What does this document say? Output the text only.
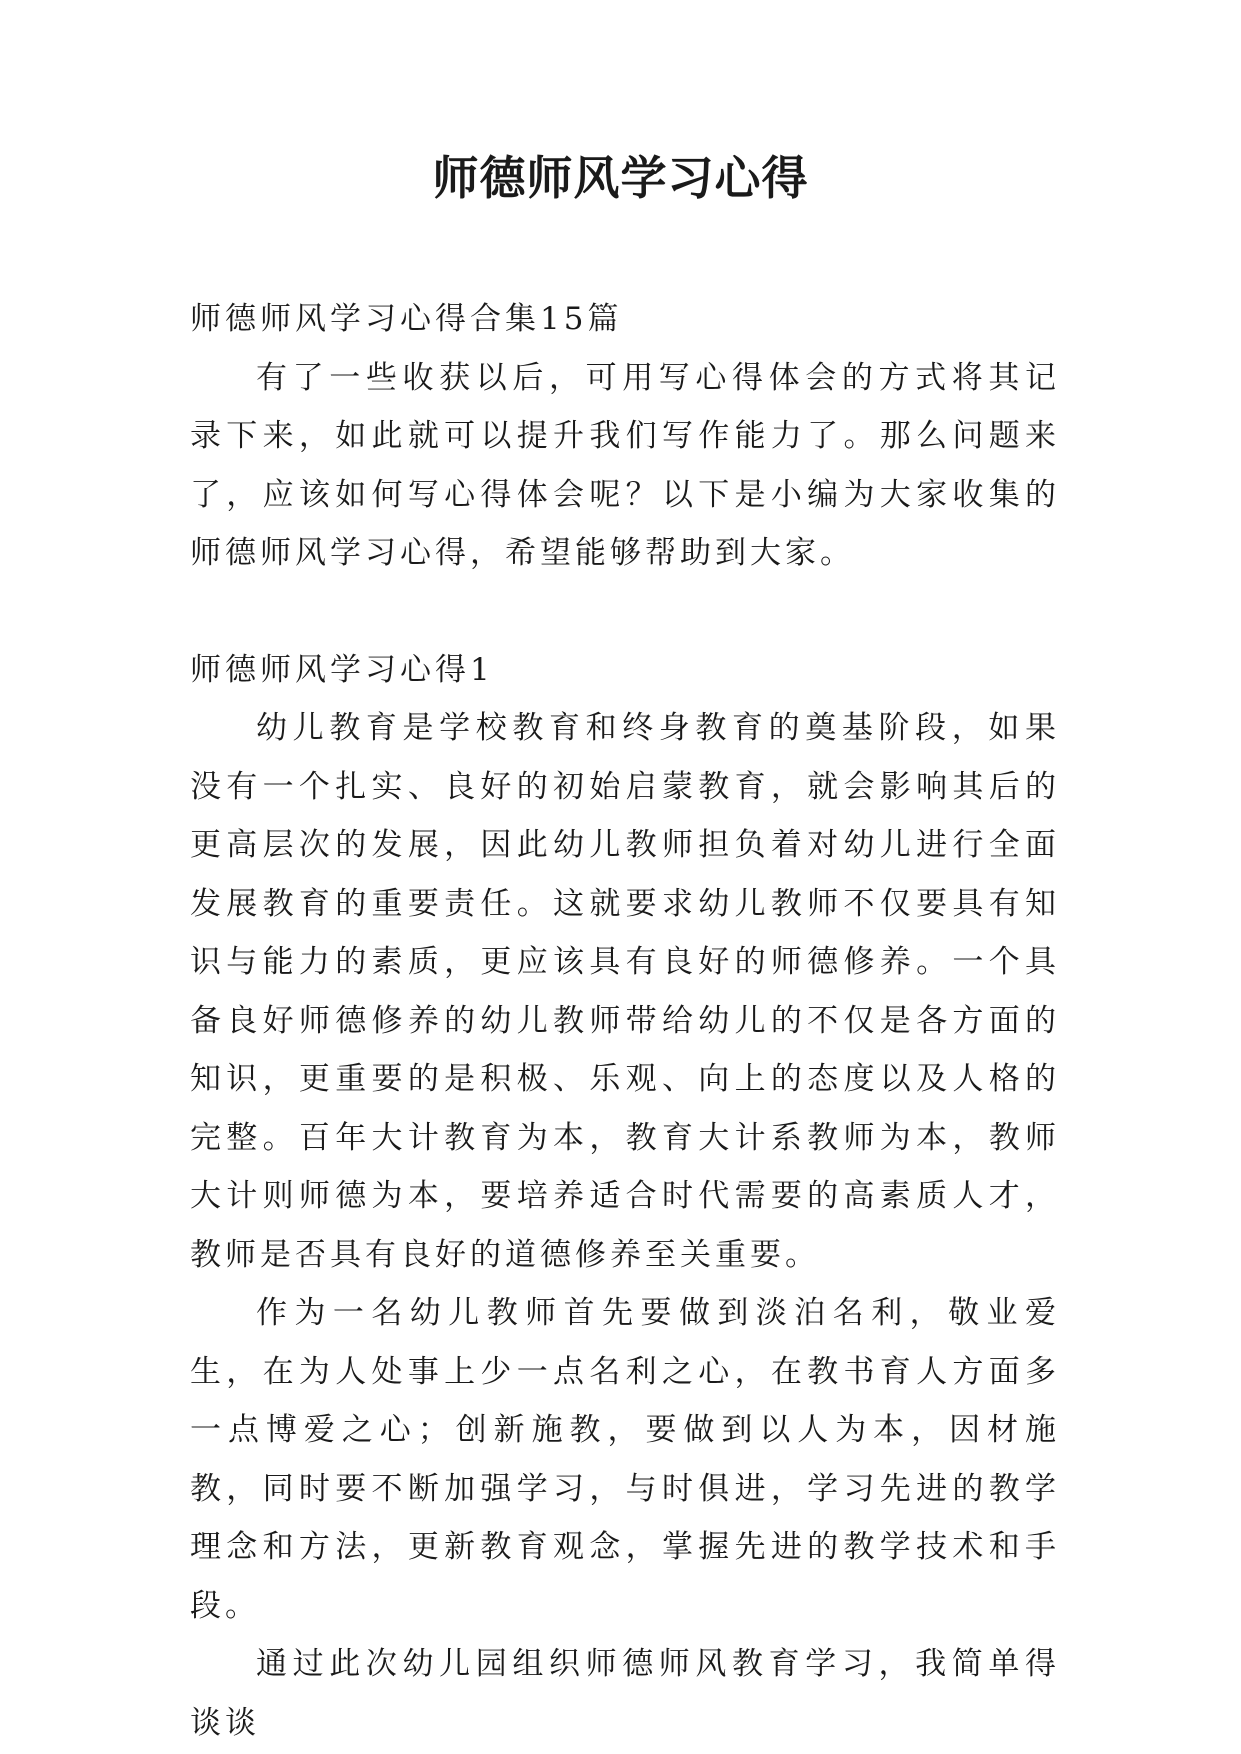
师德师风学习心得

师德师风学习心得合集15篇

有了一些收获以后，可用写心得体会的方式将其记录下来，如此就可以提升我们写作能力了。那么问题来了，应该如何写心得体会呢？以下是小编为大家收集的师德师风学习心得，希望能够帮助到大家。

师德师风学习心得1

幼儿教育是学校教育和终身教育的奠基阶段，如果没有一个扎实、良好的初始启蒙教育，就会影响其后的更高层次的发展，因此幼儿教师担负着对幼儿进行全面发展教育的重要责任。这就要求幼儿教师不仅要具有知识与能力的素质，更应该具有良好的师德修养。一个具备良好师德修养的幼儿教师带给幼儿的不仅是各方面的知识，更重要的是积极、乐观、向上的态度以及人格的完整。百年大计教育为本，教育大计系教师为本，教师大计则师德为本，要培养适合时代需要的高素质人才，教师是否具有良好的道德修养至关重要。

作为一名幼儿教师首先要做到淡泊名利，敬业爱生，在为人处事上少一点名利之心，在教书育人方面多一点博爱之心；创新施教，要做到以人为本，因材施教，同时要不断加强学习，与时俱进，学习先进的教学理念和方法，更新教育观念，掌握先进的教学技术和手段。

通过此次幼儿园组织师德师风教育学习，我简单得谈谈
